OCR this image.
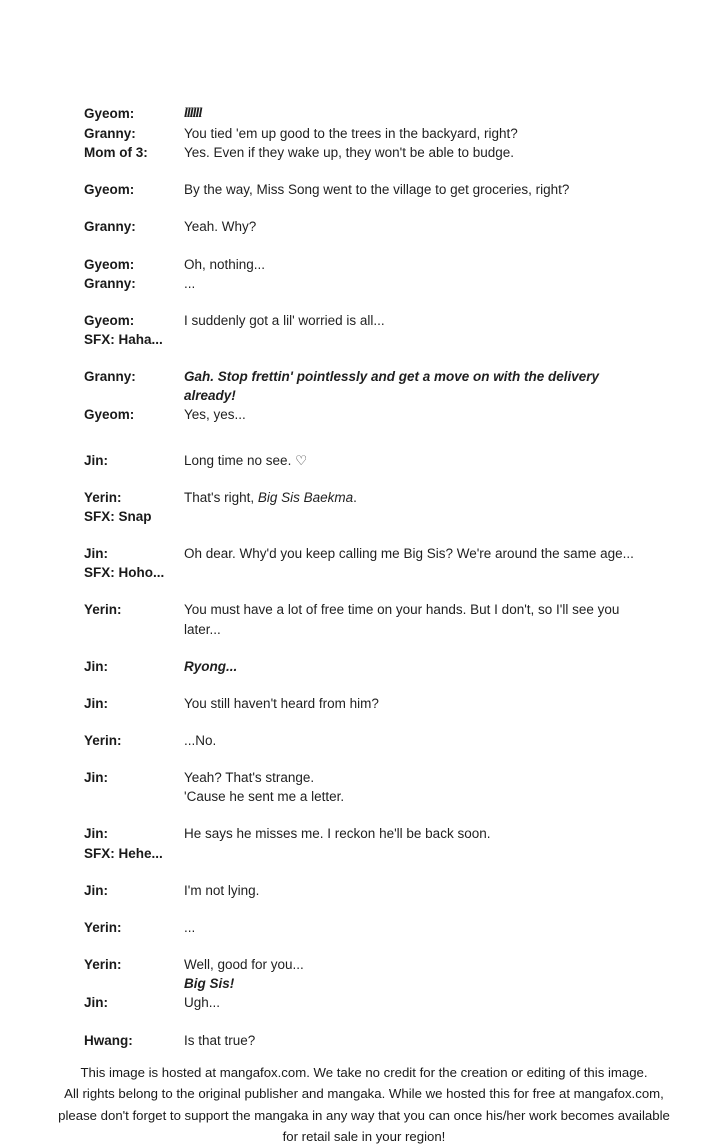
Gyeom:	llllll
Granny:	You tied 'em up good to the trees in the backyard, right?
Mom of 3:	Yes. Even if they wake up, they won't be able to budge.
Gyeom:	By the way, Miss Song went to the village to get groceries, right?
Granny:	Yeah. Why?
Gyeom:	Oh, nothing...
Granny:	...
Gyeom:	I suddenly got a lil' worried is all...
SFX: Haha...
Granny:	Gah. Stop frettin' pointlessly and get a move on with the delivery already!
Gyeom:	Yes, yes...
Jin:	Long time no see. ♡
Yerin:	That's right, Big Sis Baekma.
SFX: Snap
Jin:	Oh dear. Why'd you keep calling me Big Sis? We're around the same age...
SFX: Hoho...
Yerin:	You must have a lot of free time on your hands. But I don't, so I'll see you later...
Jin:	Ryong...
Jin:	You still haven't heard from him?
Yerin:	...No.
Jin:	Yeah? That's strange.
'Cause he sent me a letter.
Jin:	He says he misses me. I reckon he'll be back soon.
SFX: Hehe...
Jin:	I'm not lying.
Yerin:	...
Yerin:	Well, good for you...
Big Sis!
Jin:	Ugh...
Hwang:	Is that true?
This image is hosted at mangafox.com. We take no credit for the creation or editing of this image.
All rights belong to the original publisher and mangaka. While we hosted this for free at mangafox.com,
please don't forget to support the mangaka in any way that you can once his/her work becomes available
for retail sale in your region!
